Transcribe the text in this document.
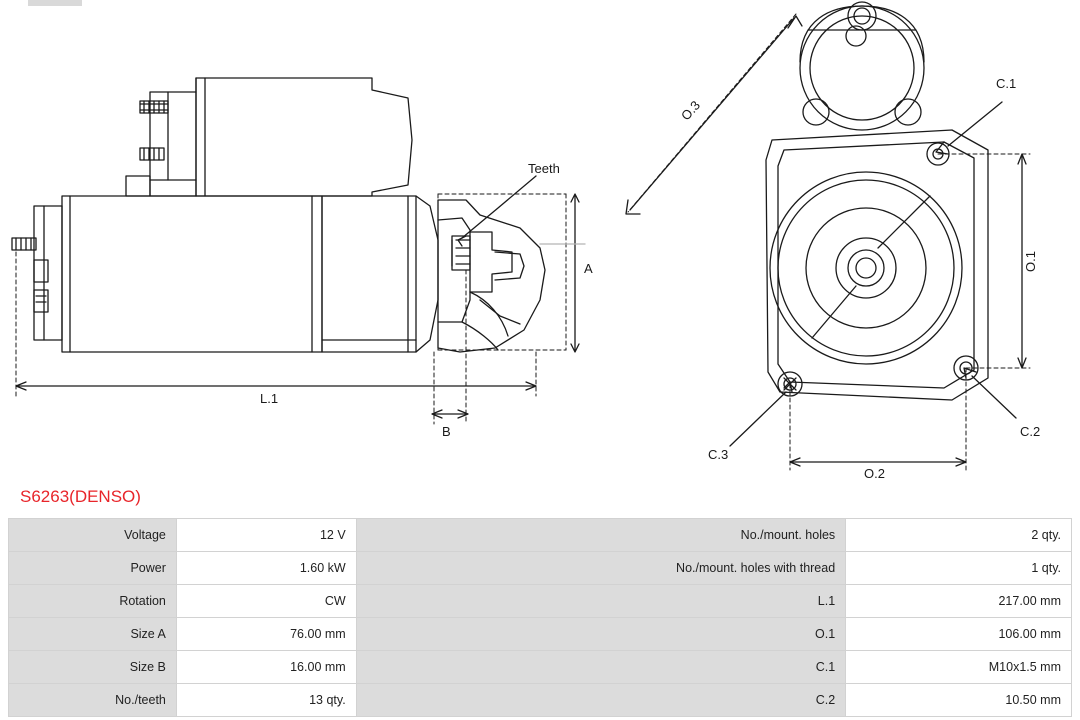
Teeth
A
L.1
B
O.1
O.2
O.3
C.1
C.2
C.3
S6263(DENSO)
Voltage	12 V	No./mount. holes	2 qty.
Power	1.60 kW	No./mount. holes with thread	1 qty.
Rotation	CW	L.1	217.00 mm
Size A	76.00 mm	O.1	106.00 mm
Size B	16.00 mm	C.1	M10x1.5 mm
No./teeth	13 qty.	C.2	10.50 mm
